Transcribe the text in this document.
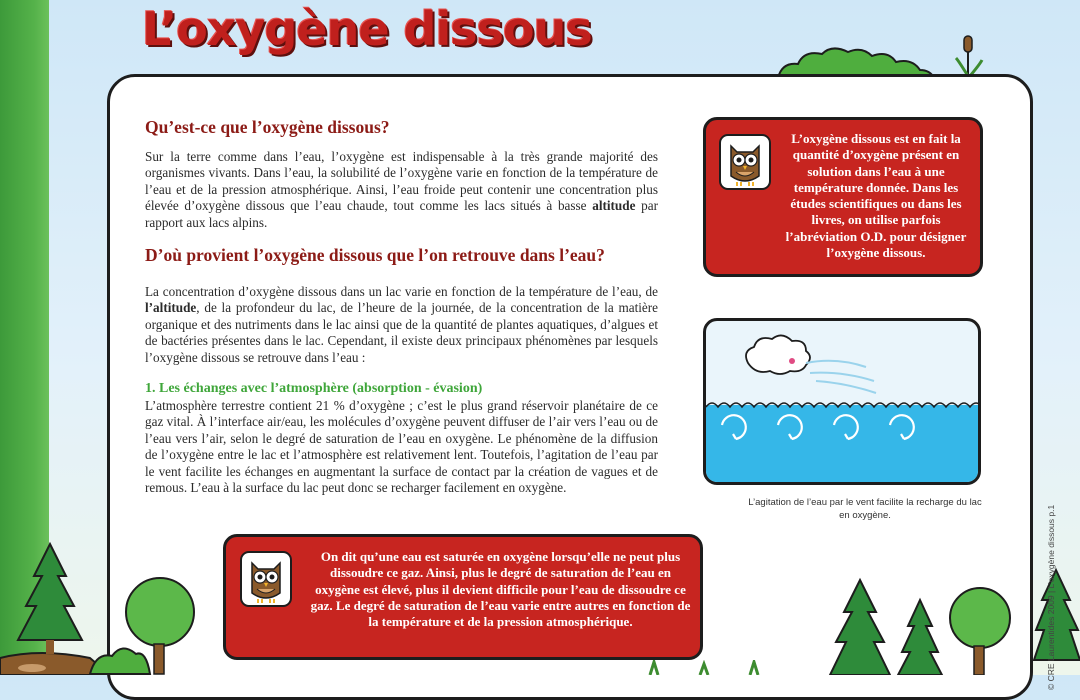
L’oxygène dissous
Qu’est-ce que l’oxygène dissous?

Sur la terre comme dans l’eau, l’oxygène est indispensable à la très grande majorité des organismes vivants. Dans l’eau, la solubilité de l’oxygène varie en fonction de la température de l’eau et de la pression atmosphérique. Ainsi, l’eau froide peut contenir une concentration plus élevée d’oxygène dissous que l’eau chaude, tout comme les lacs situés à basse altitude par rapport aux lacs alpins.

D’où provient l’oxygène dissous que l’on retrouve dans l’eau?

La concentration d’oxygène dissous dans un lac varie en fonction de la température de l’eau, de l’altitude, de la profondeur du lac, de l’heure de la journée, de la concentration de la matière organique et des nutriments dans le lac ainsi que de la quantité de plantes aquatiques, d’algues et de bactéries présentes dans le lac. Cependant, il existe deux principaux phénomènes par lesquels l’oxygène dissous se retrouve dans l’eau :

1. Les échanges avec l’atmosphère (absorption - évasion)

L’atmosphère terrestre contient 21 % d’oxygène ; c’est le plus grand réservoir planétaire de ce gaz vital. À l’interface air/eau, les molécules d’oxygène peuvent diffuser de l’air vers l’eau ou de l’eau vers l’air, selon le degré de saturation de l’eau en oxygène. Le phénomène de la diffusion de l’oxygène entre le lac et l’atmosphère est relativement lent. Toutefois, l’agitation de l’eau par le vent facilite les échanges en augmentant la surface de contact par la création de vagues et de remous. L’eau à la surface du lac peut donc se recharger facilement en oxygène.

L’oxygène dissous est en fait la quantité d’oxygène présent en solution dans l’eau à une température donnée. Dans les études scientifiques ou dans les livres, on utilise parfois l’abréviation O.D. pour désigner l’oxygène dissous.
L’agitation de l’eau par le vent facilite la recharge du lac en oxygène.
On dit qu’une eau est saturée en oxygène lorsqu’elle ne peut plus dissoudre ce gaz. Ainsi, plus le degré de saturation de l’eau en oxygène est élevé, plus il devient difficile pour l’eau de dissoudre ce gaz. Le degré de saturation de l’eau varie entre autres en fonction de la température et de la pression atmosphérique.	© CRE Laurentides 2009 | L’oxygène dissous p.1
